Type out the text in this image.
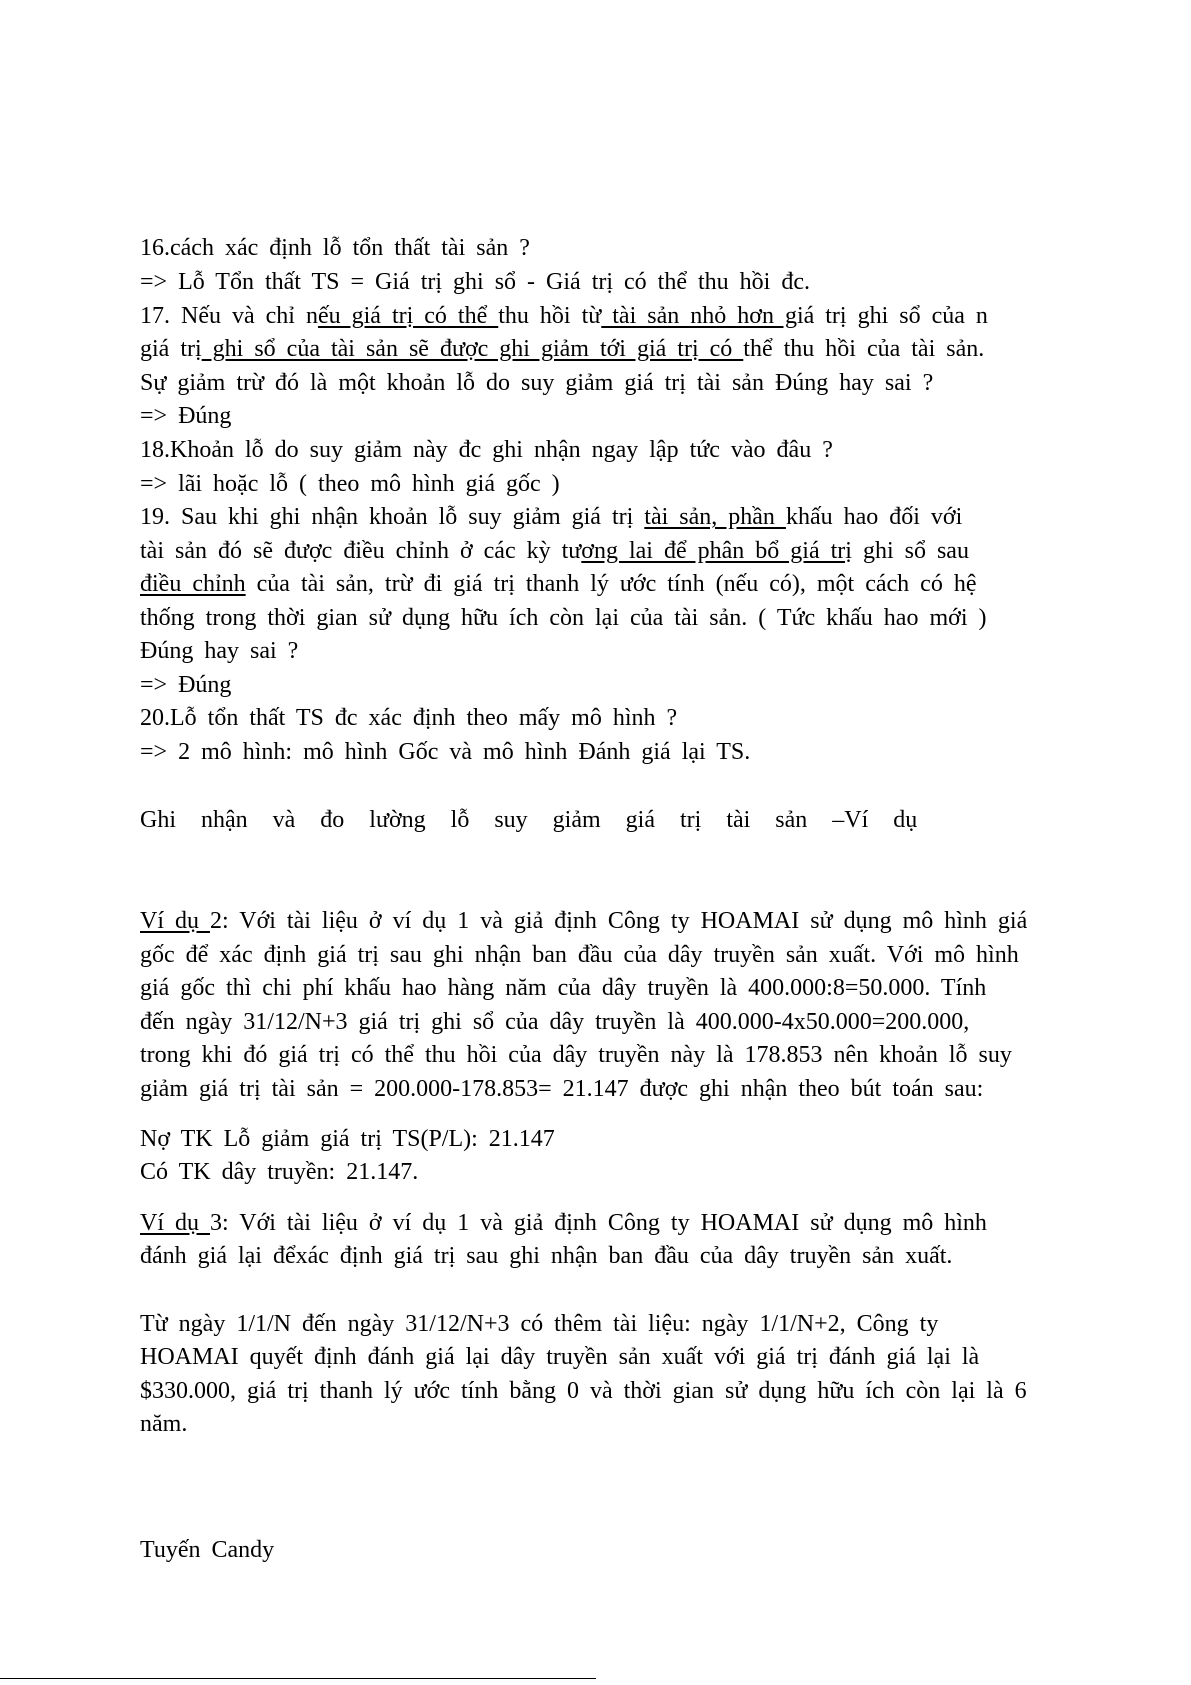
16.cách xác định lỗ tổn thất tài sản ?
=> Lỗ Tổn thất TS = Giá trị ghi sổ - Giá trị có thể thu hồi đc.
17. Nếu và chỉ nếu giá trị có thể thu hồi từ tài sản nhỏ hơn giá trị ghi sổ của n
giá trị ghi sổ của tài sản sẽ được ghi giảm tới giá trị có thể thu hồi của tài sản.
Sự giảm trừ đó là một khoản lỗ do suy giảm giá trị tài sản Đúng hay sai ?
=> Đúng
18.Khoản lỗ do suy giảm này đc ghi nhận ngay lập tức vào đâu ?
=> lãi hoặc lỗ ( theo mô hình giá gốc )
19. Sau khi ghi nhận khoản lỗ suy giảm giá trị tài sản, phần khấu hao đối với
tài sản đó sẽ được điều chỉnh ở các kỳ tương lai để phân bổ giá trị ghi sổ sau
điều chỉnh của tài sản, trừ đi giá trị thanh lý ước tính (nếu có), một cách có hệ
thống trong thời gian sử dụng hữu ích còn lại của tài sản. ( Tức khấu hao mới )
Đúng hay sai ?
=> Đúng
20.Lỗ tổn thất TS đc xác định theo mấy mô hình ?
=> 2 mô hình: mô hình Gốc và mô hình Đánh giá lại TS.
Ghi nhận và đo lường lỗ suy giảm giá trị tài sản –Ví dụ
Ví dụ 2: Với tài liệu ở ví dụ 1 và giả định Công ty HOAMAI sử dụng mô hình giá
gốc để xác định giá trị sau ghi nhận ban đầu của dây truyền sản xuất. Với mô hình
giá gốc thì chi phí khấu hao hàng năm của dây truyền là 400.000:8=50.000. Tính
đến ngày 31/12/N+3 giá trị ghi sổ của dây truyền là 400.000-4x50.000=200.000,
trong khi đó giá trị có thể thu hồi của dây truyền này là 178.853 nên khoản lỗ suy
giảm giá trị tài sản = 200.000-178.853= 21.147 được ghi nhận theo bút toán sau:
Nợ TK Lỗ giảm giá trị TS(P/L): 21.147
Có TK dây truyền: 21.147.
Ví dụ 3: Với tài liệu ở ví dụ 1 và giả định Công ty HOAMAI sử dụng mô hình
đánh giá lại đểxác định giá trị sau ghi nhận ban đầu của dây truyền sản xuất.
Từ ngày 1/1/N đến ngày 31/12/N+3 có thêm tài liệu: ngày 1/1/N+2, Công ty
HOAMAI quyết định đánh giá lại dây truyền sản xuất với giá trị đánh giá lại là
$330.000, giá trị thanh lý ước tính bằng 0 và thời gian sử dụng hữu ích còn lại là 6
năm.
Tuyến Candy
